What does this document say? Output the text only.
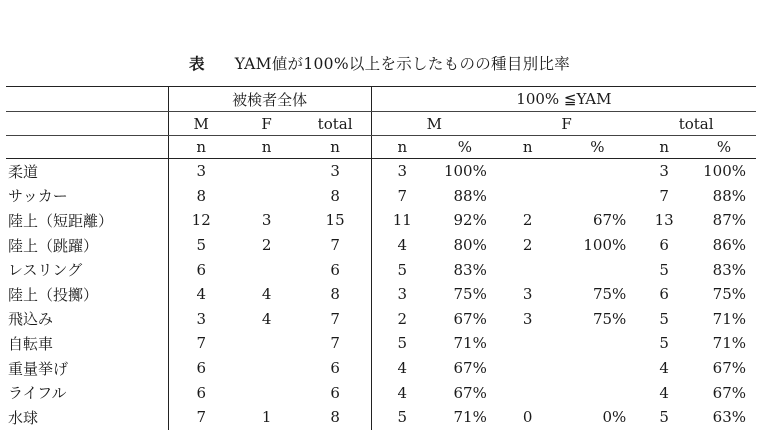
表 YAM値が100%以上を示したものの種目別比率
	被検者全体			100% ≦YAM					
	M	F	total	M		F		total	
	n	n	n	n	%	n	%	n	%
柔道	3		3	3	100%			3	100%
サッカー	8		8	7	88%			7	88%
陸上（短距離）	12	3	15	11	92%	2	67%	13	87%
陸上（跳躍）	5	2	7	4	80%	2	100%	6	86%
レスリング	6		6	5	83%			5	83%
陸上（投擲）	4	4	8	3	75%	3	75%	6	75%
飛込み	3	4	7	2	67%	3	75%	5	71%
自転車	7		7	5	71%			5	71%
重量挙げ	6		6	4	67%			4	67%
ライフル	6		6	4	67%			4	67%
水球	7	1	8	5	71%	0	0%	5	63%
